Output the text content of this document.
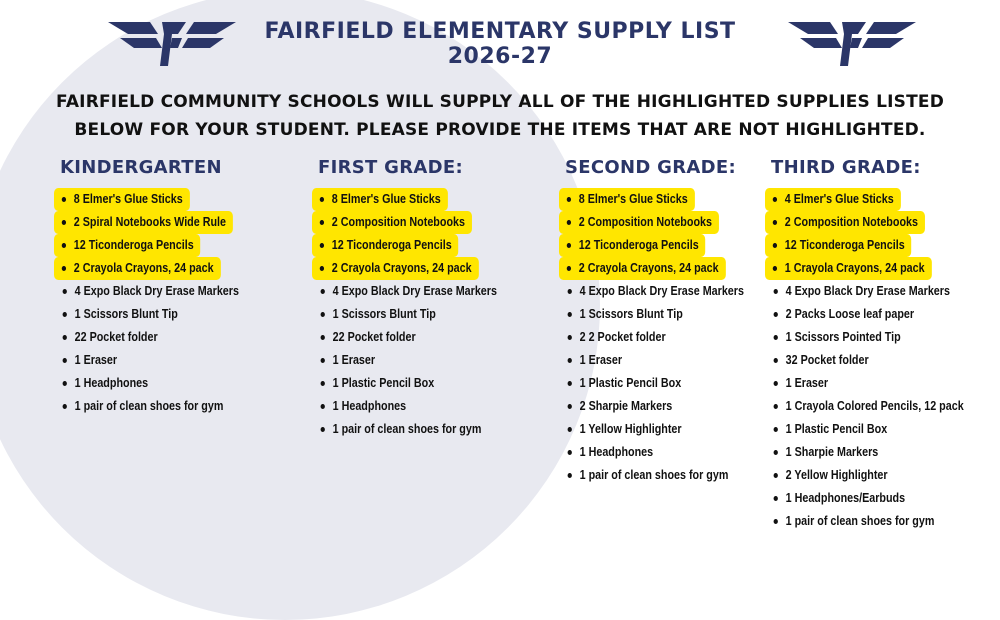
FAIRFIELD ELEMENTARY SUPPLY LIST
2026-27
FAIRFIELD COMMUNITY SCHOOLS WILL SUPPLY ALL OF THE HIGHLIGHTED SUPPLIES LISTED
BELOW FOR YOUR STUDENT. PLEASE PROVIDE THE ITEMS THAT ARE NOT HIGHLIGHTED.
KINDERGARTEN
8 Elmer's Glue Sticks
2 Spiral Notebooks Wide Rule
12 Ticonderoga Pencils
2 Crayola Crayons, 24 pack
4 Expo Black Dry Erase Markers
1 Scissors Blunt Tip
22 Pocket folder
1 Eraser
1 Headphones
1 pair of clean shoes for gym
FIRST GRADE:
8 Elmer's Glue Sticks
2 Composition Notebooks
12 Ticonderoga Pencils
2 Crayola Crayons, 24 pack
4 Expo Black Dry Erase Markers
1 Scissors Blunt Tip
22 Pocket folder
1 Eraser
1 Plastic Pencil Box
1 Headphones
1 pair of clean shoes for gym
SECOND GRADE:
8 Elmer's Glue Sticks
2 Composition Notebooks
12 Ticonderoga Pencils
2 Crayola Crayons, 24 pack
4 Expo Black Dry Erase Markers
1 Scissors Blunt Tip
2 2 Pocket folder
1 Eraser
1 Plastic Pencil Box
2 Sharpie Markers
1 Yellow Highlighter
1 Headphones
1 pair of clean shoes for gym
THIRD GRADE:
4 Elmer's Glue Sticks
2 Composition Notebooks
12 Ticonderoga Pencils
1 Crayola Crayons, 24 pack
4 Expo Black Dry Erase Markers
2 Packs Loose leaf paper
1 Scissors Pointed Tip
32 Pocket folder
1 Eraser
1 Crayola Colored Pencils, 12 pack
1 Plastic Pencil Box
1 Sharpie Markers
2 Yellow Highlighter
1 Headphones/Earbuds
1 pair of clean shoes for gym
